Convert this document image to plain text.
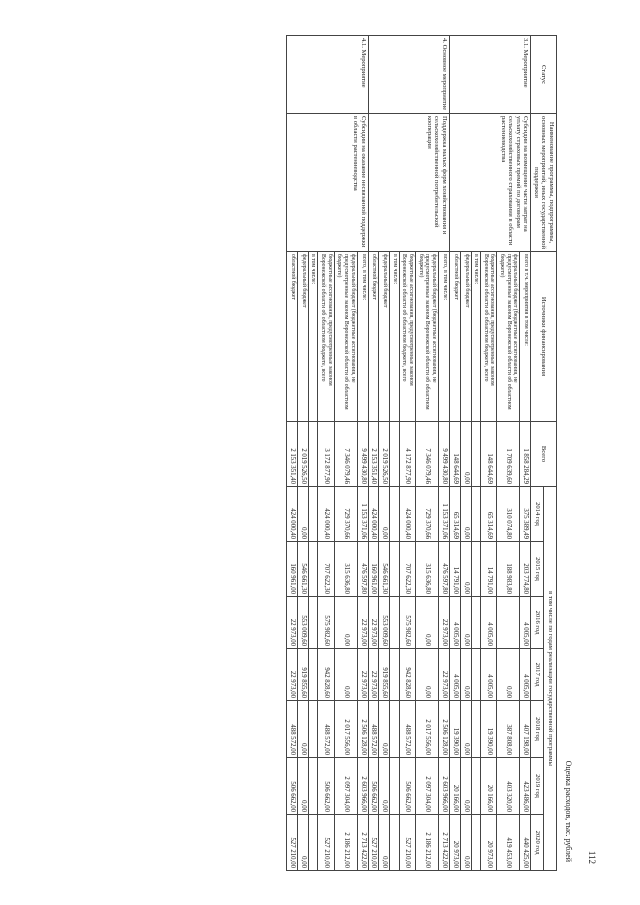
112
Оценка расходов, тыс. рублей
Статус	Наименование программы, подпрограммы, основных мероприятий, иных государственной поддержки	Источники финансирования	Всего	в том числе по годам реализации государственной программы						
				2014 год	2015 год	2016 год	2017 год	2018 год	2019 год	2020 год
3.1. Мероприятие	Субсидии на возмещение части затрат на уплату страховых премий по договорам сельскохозяйственного страхования в области растениеводства	всего в т.ч. мероприятия в том числе:	1 858 284,29	375 389,49	203 774,80	4 005,00	4 005,00	407 198,00	423 486,00	440 425,00
		федеральный бюджет (бюджетные ассигнования, не предусмотренные законом Воронежской области об областном бюджете)	1 709 639,60	310 074,80	188 983,80		0,00	387 808,00	403 320,00	419 453,00
		бюджетные ассигнования, предусмотренные законом Воронежской области об областном бюджете, всего	148 644,69	65 314,69	14 791,00	4 005,00	4 005,00	19 390,00	20 166,00	20 973,00
		в том числе:								
		федеральный бюджет	0,00	0,00	0,00	0,00	0,00	0,00	0,00	0,00
		областной бюджет	148 644,69	65 314,69	14 791,00	4 005,00	4 005,00	19 390,00	20 166,00	20 973,00
4. Основное мероприятие	Поддержка малых форм хозяйствования и сельскохозяйственной потребительской кооперации	всего, в том числе:	9 499 430,80	1 153 371,06	476 597,80	22 973,00	22 973,00	2 506 128,00	2 603 966,00	2 713 422,00
		федеральный бюджет (бюджетные ассигнования, не предусмотренные законом Воронежской области об областном бюджете)	7 346 079,46	729 370,66	315 636,80	0,00	0,00	2 017 556,00	2 097 304,00	2 186 212,00
		бюджетные ассигнования, предусмотренные законом Воронежской области об областном бюджете, всего	4 172 877,90	424 000,40	707 622,30	575 982,60	942 828,60	488 572,00	506 662,00	527 210,00
		в том числе:								
		федеральный бюджет	2 019 526,50	0,00	546 661,30	553 009,60	919 855,60	0,00	0,00	0,00
		областной бюджет	2 153 351,40	424 000,40	160 961,00	22 973,00	22 973,00	488 572,00	506 662,00	527 210,00
4.1. Мероприятие	Субсидии на оказание несвязанной поддержки в области растениеводства	всего, в том числе:	9 499 430,80	1 153 371,06	476 597,80	22 973,00	22 973,00	2 506 128,00	2 603 966,00	2 713 422,00
		федеральный бюджет (бюджетные ассигнования, не предусмотренные законом Воронежской области об областном бюджете)	7 346 079,46	729 370,66	315 636,80	0,00	0,00	2 017 556,00	2 097 304,00	2 186 212,00
		бюджетные ассигнования, предусмотренные законом Воронежской области об областном бюджете, всего	3 172 877,90	424 000,40	707 622,30	575 982,60	942 828,60	488 572,00	506 662,00	527 210,00
		в том числе:								
		федеральный бюджет	2 019 526,50	0,00	546 661,30	553 009,60	919 855,60	0,00	0,00	0,00
		областной бюджет	2 153 351,40	424 000,40	160 961,00	22 973,00	22 973,00	488 572,00	506 662,00	527 210,00
